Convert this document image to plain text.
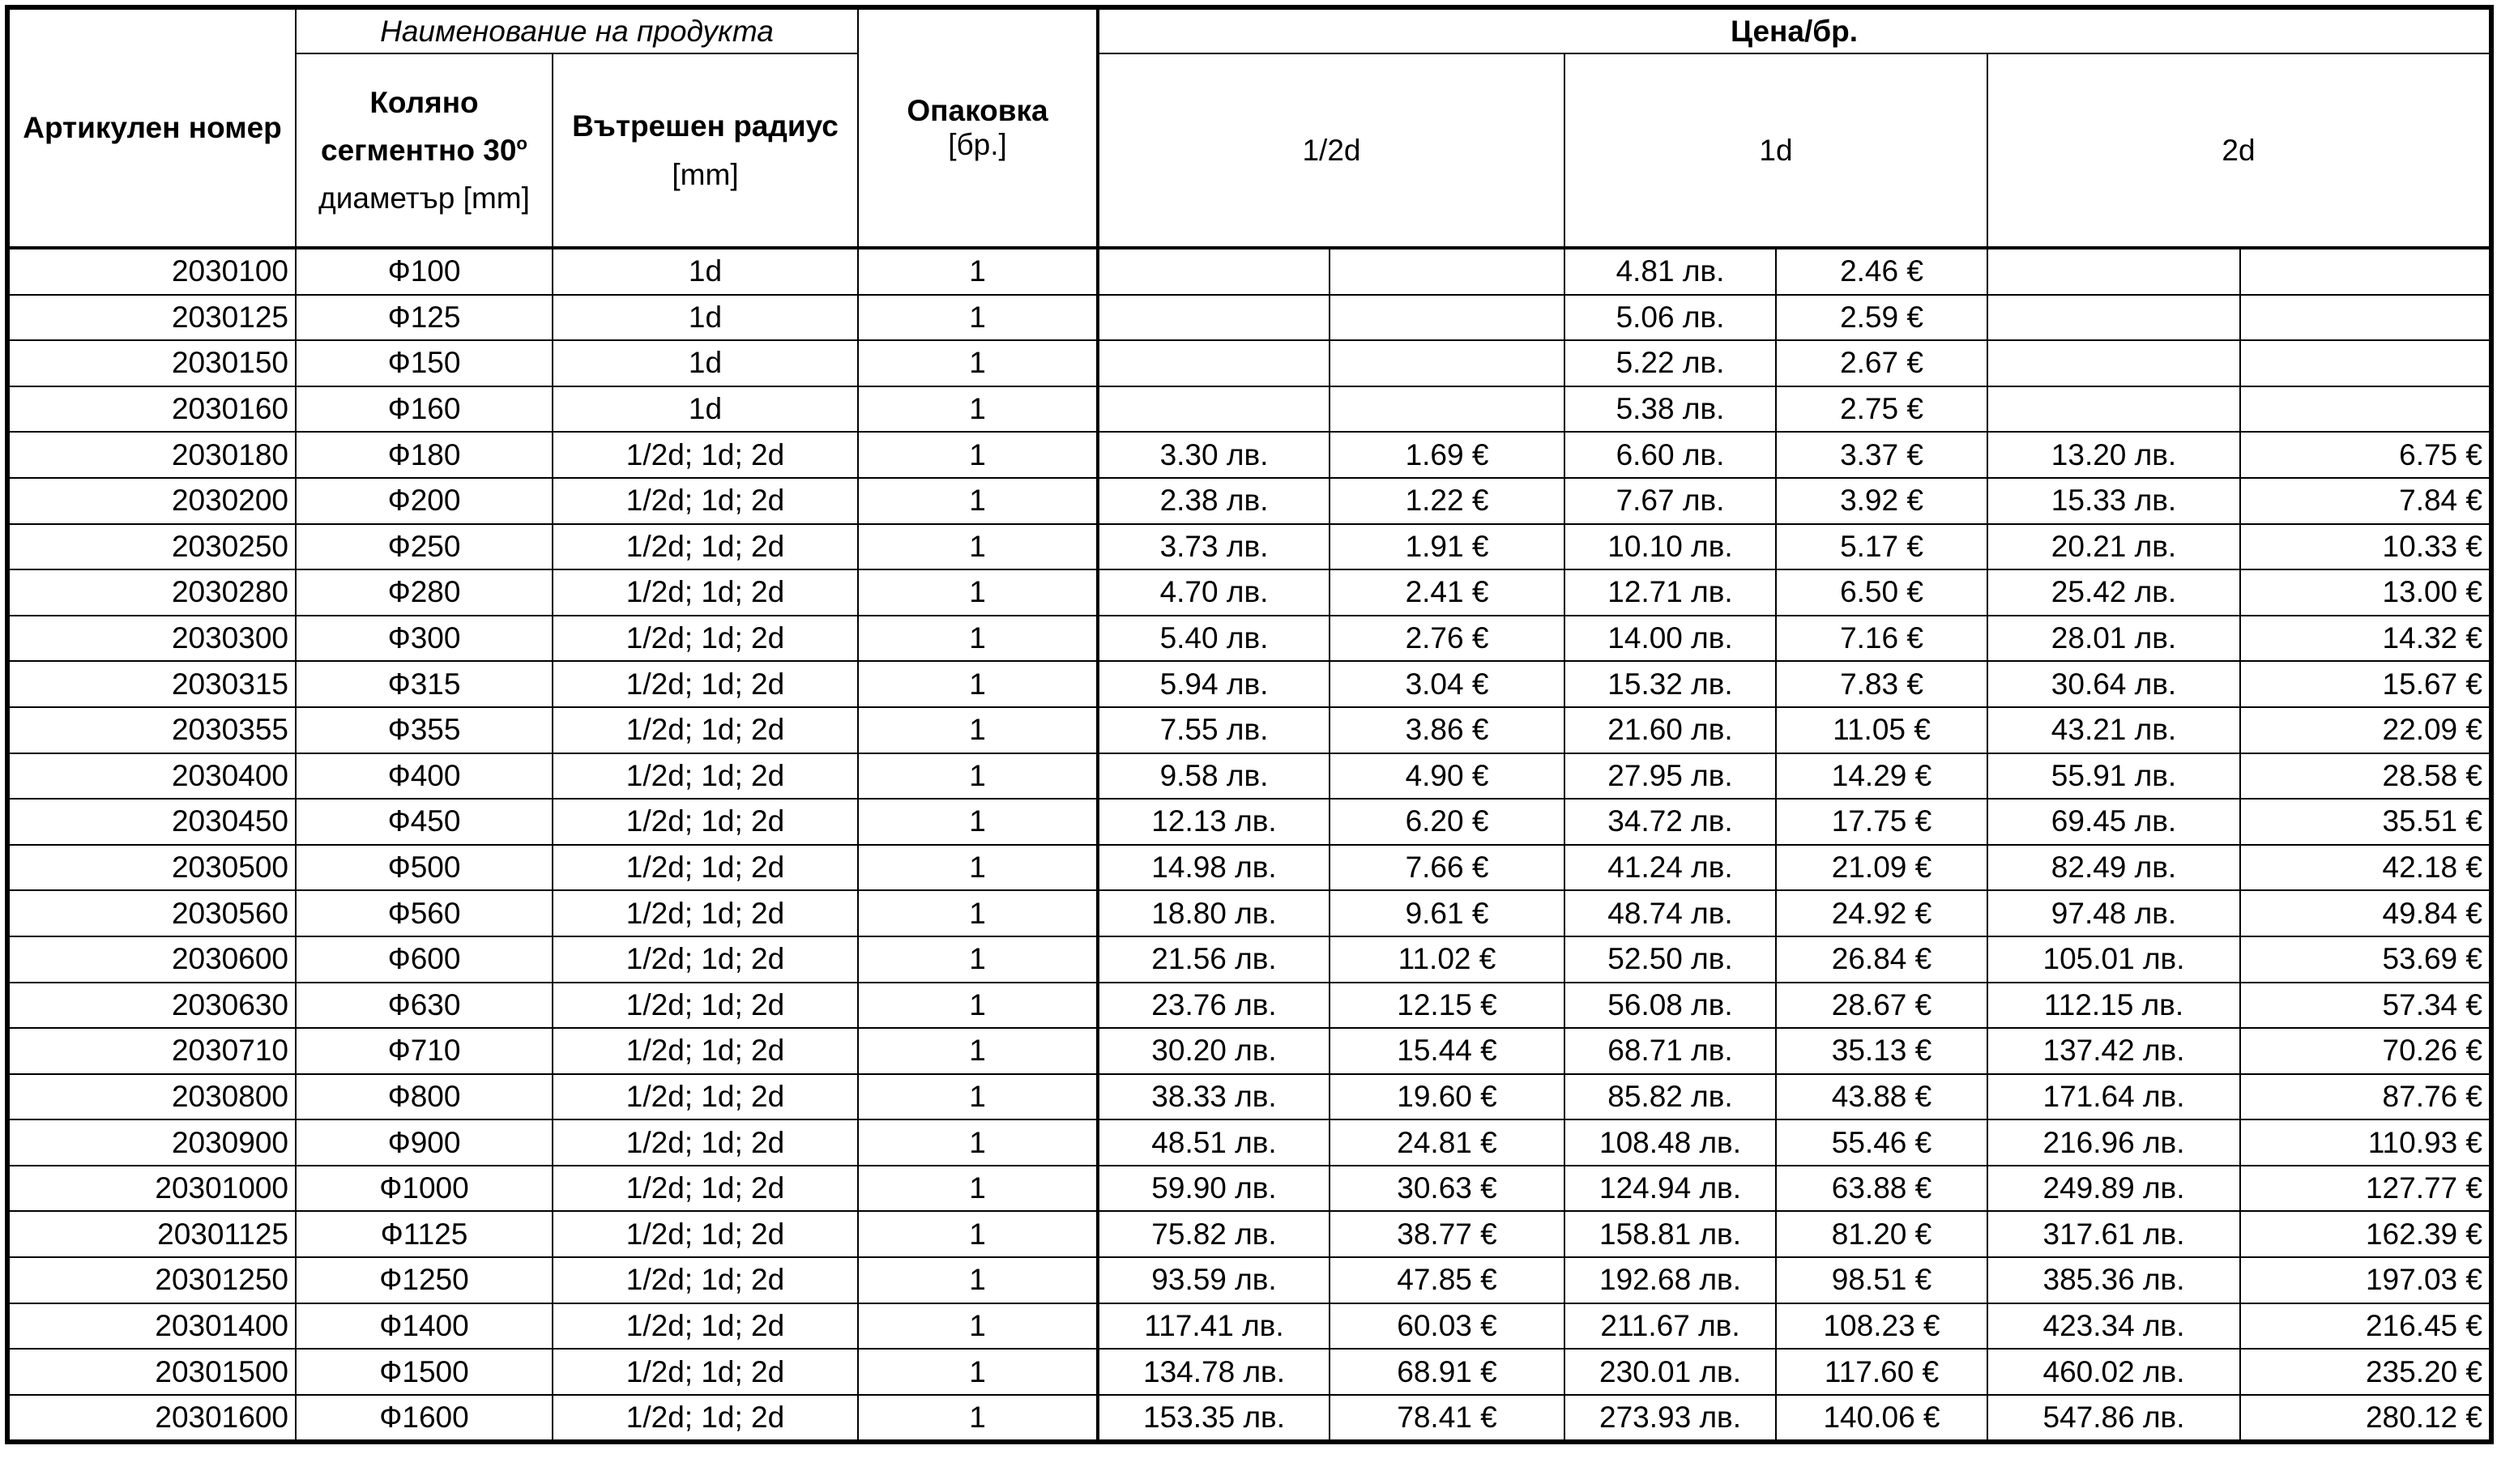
Артикулен номер	Наименование на продукта		Опаковка
[бр.]	Цена/бр.					

	Коляно
сегментно 30$^o$
диаметър [mm]	Вътрешен радиус
[mm]		1/2d		1d		2d	
2030100	Ф100	1d	1			4.81 лв.	2.46 €		
2030125	Ф125	1d	1			5.06 лв.	2.59 €		
2030150	Ф150	1d	1			5.22 лв.	2.67 €		
2030160	Ф160	1d	1			5.38 лв.	2.75 €		
2030180	Ф180	1/2d; 1d; 2d	1	3.30 лв.	1.69 €	6.60 лв.	3.37 €	13.20 лв.	6.75 €
2030200	Ф200	1/2d; 1d; 2d	1	2.38 лв.	1.22 €	7.67 лв.	3.92 €	15.33 лв.	7.84 €
2030250	Ф250	1/2d; 1d; 2d	1	3.73 лв.	1.91 €	10.10 лв.	5.17 €	20.21 лв.	10.33 €
2030280	Ф280	1/2d; 1d; 2d	1	4.70 лв.	2.41 €	12.71 лв.	6.50 €	25.42 лв.	13.00 €
2030300	Ф300	1/2d; 1d; 2d	1	5.40 лв.	2.76 €	14.00 лв.	7.16 €	28.01 лв.	14.32 €
2030315	Ф315	1/2d; 1d; 2d	1	5.94 лв.	3.04 €	15.32 лв.	7.83 €	30.64 лв.	15.67 €
2030355	Ф355	1/2d; 1d; 2d	1	7.55 лв.	3.86 €	21.60 лв.	11.05 €	43.21 лв.	22.09 €
2030400	Ф400	1/2d; 1d; 2d	1	9.58 лв.	4.90 €	27.95 лв.	14.29 €	55.91 лв.	28.58 €
2030450	Ф450	1/2d; 1d; 2d	1	12.13 лв.	6.20 €	34.72 лв.	17.75 €	69.45 лв.	35.51 €
2030500	Ф500	1/2d; 1d; 2d	1	14.98 лв.	7.66 €	41.24 лв.	21.09 €	82.49 лв.	42.18 €
2030560	Ф560	1/2d; 1d; 2d	1	18.80 лв.	9.61 €	48.74 лв.	24.92 €	97.48 лв.	49.84 €
2030600	Ф600	1/2d; 1d; 2d	1	21.56 лв.	11.02 €	52.50 лв.	26.84 €	105.01 лв.	53.69 €
2030630	Ф630	1/2d; 1d; 2d	1	23.76 лв.	12.15 €	56.08 лв.	28.67 €	112.15 лв.	57.34 €
2030710	Ф710	1/2d; 1d; 2d	1	30.20 лв.	15.44 €	68.71 лв.	35.13 €	137.42 лв.	70.26 €
2030800	Ф800	1/2d; 1d; 2d	1	38.33 лв.	19.60 €	85.82 лв.	43.88 €	171.64 лв.	87.76 €
2030900	Ф900	1/2d; 1d; 2d	1	48.51 лв.	24.81 €	108.48 лв.	55.46 €	216.96 лв.	110.93 €
20301000	Ф1000	1/2d; 1d; 2d	1	59.90 лв.	30.63 €	124.94 лв.	63.88 €	249.89 лв.	127.77 €
20301125	Ф1125	1/2d; 1d; 2d	1	75.82 лв.	38.77 €	158.81 лв.	81.20 €	317.61 лв.	162.39 €
20301250	Ф1250	1/2d; 1d; 2d	1	93.59 лв.	47.85 €	192.68 лв.	98.51 €	385.36 лв.	197.03 €
20301400	Ф1400	1/2d; 1d; 2d	1	117.41 лв.	60.03 €	211.67 лв.	108.23 €	423.34 лв.	216.45 €
20301500	Ф1500	1/2d; 1d; 2d	1	134.78 лв.	68.91 €	230.01 лв.	117.60 €	460.02 лв.	235.20 €
20301600	Ф1600	1/2d; 1d; 2d	1	153.35 лв.	78.41 €	273.93 лв.	140.06 €	547.86 лв.	280.12 €
